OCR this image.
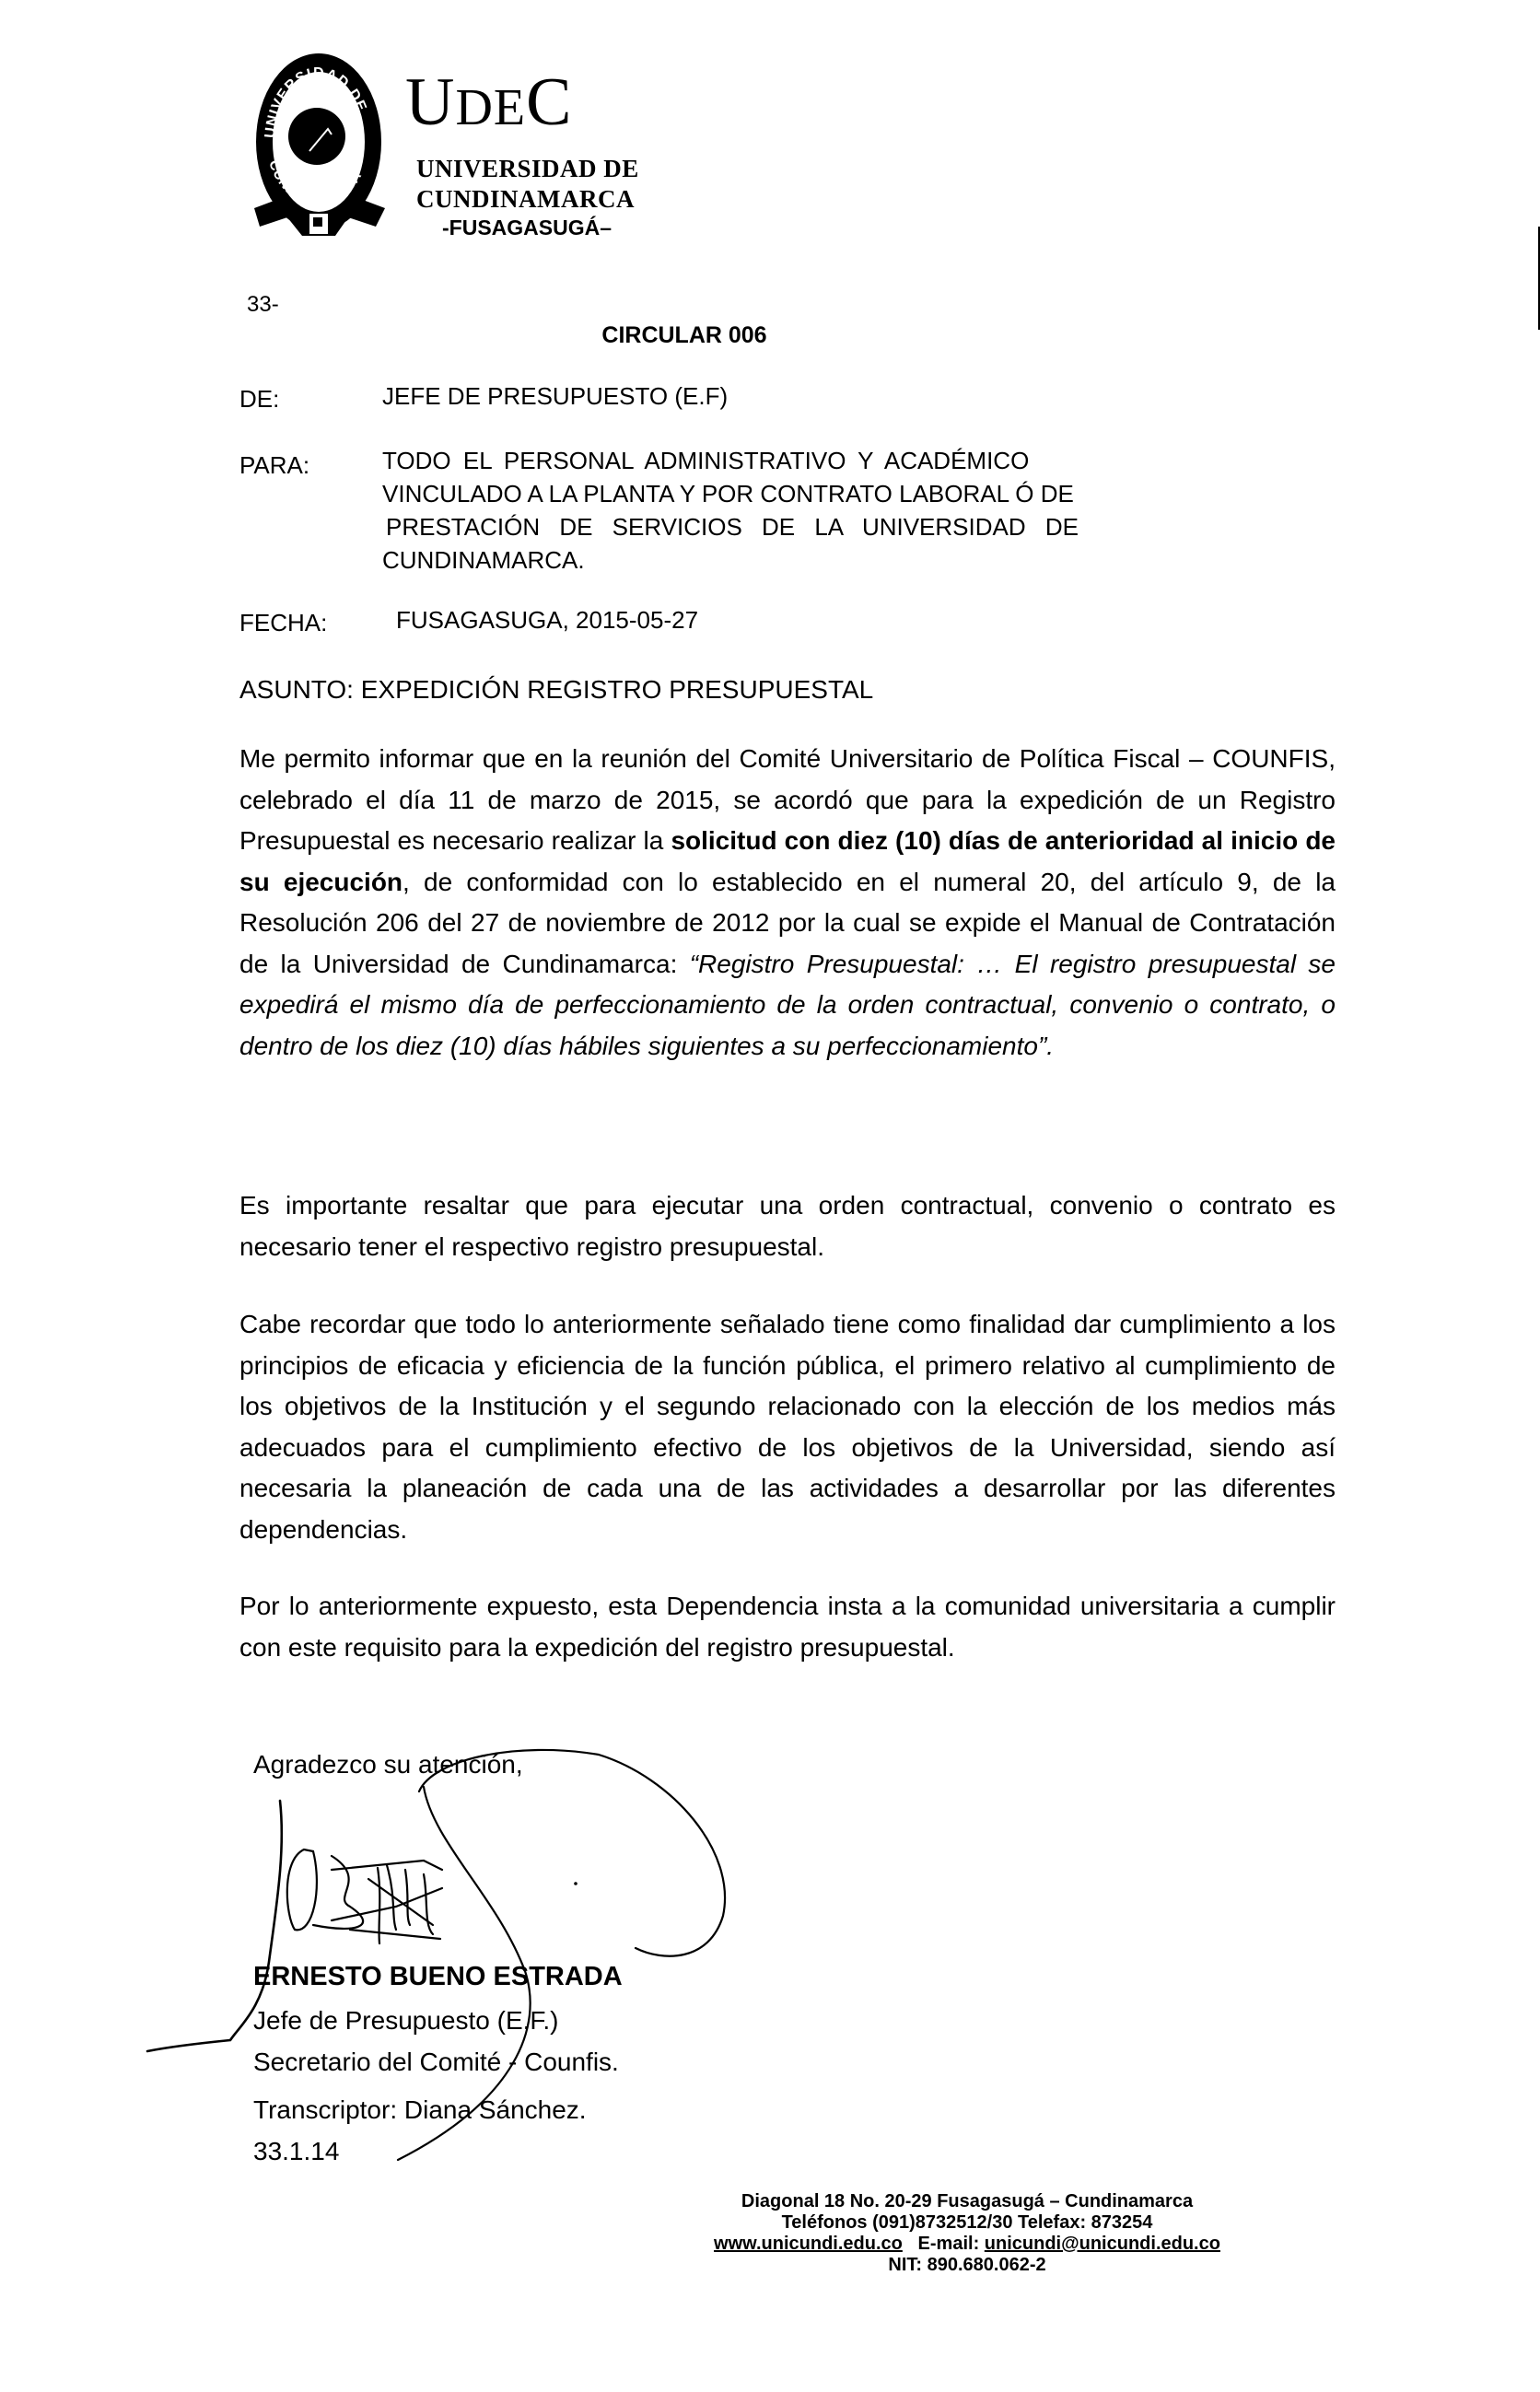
UNIVERSIDAD DE
CUNDINAMARCA
UDEC
UNIVERSIDAD DE
CUNDINAMARCA
-FUSAGASUGÁ–
33-
CIRCULAR 006
DE:	JEFE DE PRESUPUESTO (E.F)
PARA:	TODO EL PERSONAL ADMINISTRATIVO Y ACADÉMICO
VINCULADO A LA PLANTA Y POR CONTRATO LABORAL Ó DE
PRESTACIÓN DE SERVICIOS DE LA UNIVERSIDAD DE
CUNDINAMARCA.
FECHA:	FUSAGASUGA, 2015-05-27
ASUNTO: EXPEDICIÓN REGISTRO PRESUPUESTAL
Me permito informar que en la reunión del Comité Universitario de Política Fiscal – COUNFIS, celebrado el día 11 de marzo de 2015, se acordó que para la expedición de un Registro Presupuestal es necesario realizar la solicitud con diez (10) días de anterioridad al inicio de su ejecución, de conformidad con lo establecido en el numeral 20, del artículo 9, de la Resolución 206 del 27 de noviembre de 2012 por la cual se expide el Manual de Contratación de la Universidad de Cundinamarca: “Registro Presupuestal: … El registro presupuestal se expedirá el mismo día de perfeccionamiento de la orden contractual, convenio o contrato, o dentro de los diez (10) días hábiles siguientes a su perfeccionamiento”.
Es importante resaltar que para ejecutar una orden contractual, convenio o contrato es necesario tener el respectivo registro presupuestal.
Cabe recordar que todo lo anteriormente señalado tiene como finalidad dar cumplimiento a los principios de eficacia y eficiencia de la función pública, el primero relativo al cumplimiento de los objetivos de la Institución y el segundo relacionado con la elección de los medios más adecuados para el cumplimiento efectivo de los objetivos de la Universidad, siendo así necesaria la planeación de cada una de las actividades a desarrollar por las diferentes dependencias.
Por lo anteriormente expuesto, esta Dependencia insta a la comunidad universitaria a cumplir con este requisito para la expedición del registro presupuestal.
Agradezco su atención,
ERNESTO BUENO ESTRADA
Jefe de Presupuesto (E.F.)
Secretario del Comité - Counfis.
Transcriptor: Diana Sánchez.
33.1.14
Diagonal 18 No. 20-29 Fusagasugá – Cundinamarca
Teléfonos (091)8732512/30 Telefax: 873254
www.unicundi.edu.co E-mail: unicundi@unicundi.edu.co
NIT: 890.680.062-2
